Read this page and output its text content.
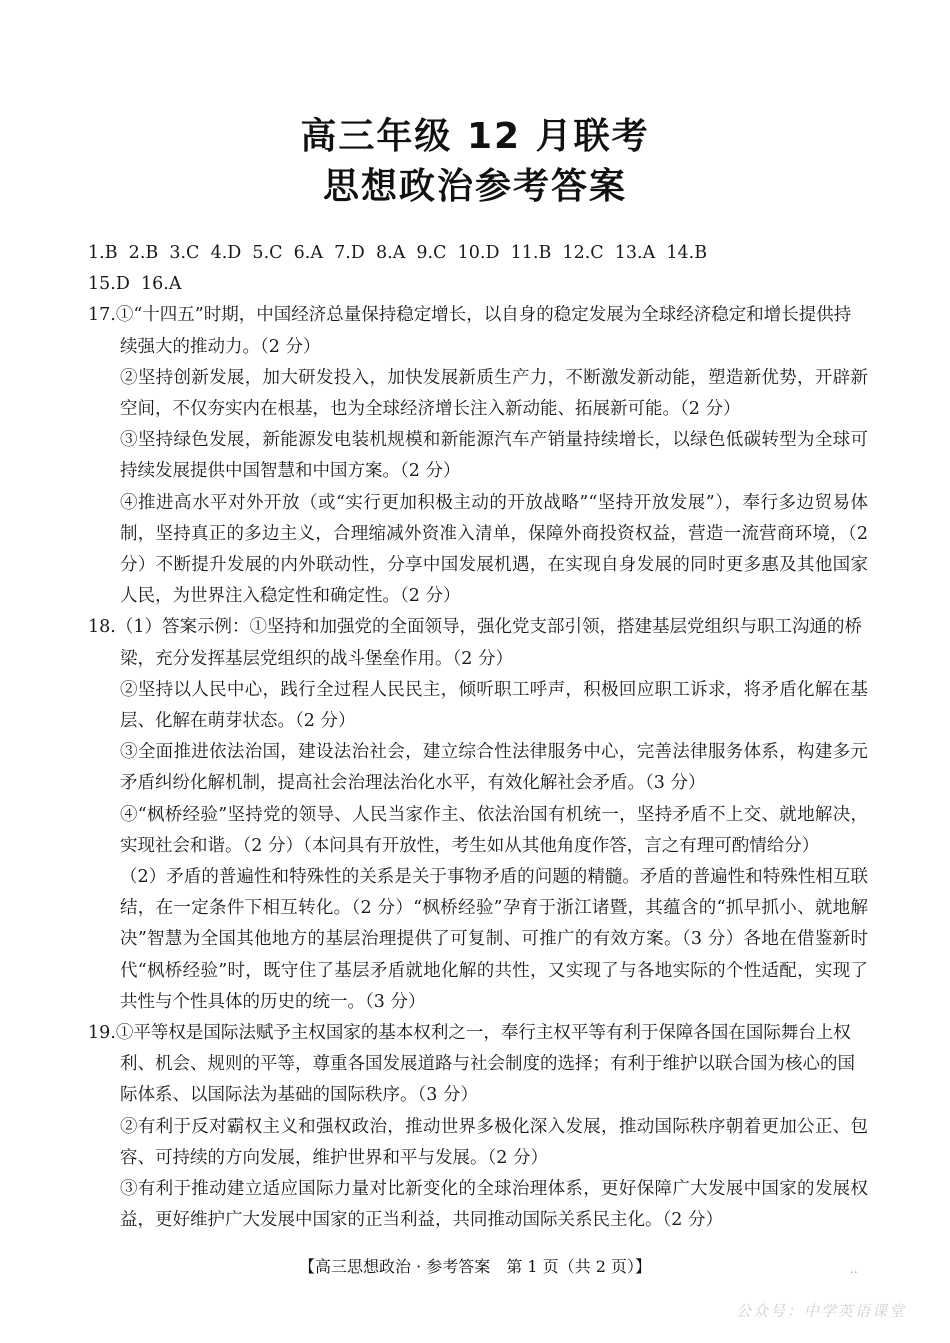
高三年级 12 月联考
思想政治参考答案
1.B  2.B  3.C  4.D  5.C  6.A  7.D  8.A  9.C  10.D  11.B  12.C  13.A  14.B
15.D  16.A

17.①“十四五”时期，中国经济总量保持稳定增长，以自身的稳定发展为全球经济稳定和增长提供持续强大的推动力。（2 分）

②坚持创新发展，加大研发投入，加快发展新质生产力，不断激发新动能，塑造新优势，开辟新空间，不仅夯实内在根基，也为全球经济增长注入新动能、拓展新可能。（2 分）

③坚持绿色发展，新能源发电装机规模和新能源汽车产销量持续增长，以绿色低碳转型为全球可持续发展提供中国智慧和中国方案。（2 分）

④推进高水平对外开放（或“实行更加积极主动的开放战略”“坚持开放发展”），奉行多边贸易体制，坚持真正的多边主义，合理缩减外资准入清单，保障外商投资权益，营造一流营商环境，（2 分）不断提升发展的内外联动性，分享中国发展机遇，在实现自身发展的同时更多惠及其他国家人民，为世界注入稳定性和确定性。（2 分）

18.（1）答案示例：①坚持和加强党的全面领导，强化党支部引领，搭建基层党组织与职工沟通的桥梁，充分发挥基层党组织的战斗堡垒作用。（2 分）

②坚持以人民中心，践行全过程人民民主，倾听职工呼声，积极回应职工诉求，将矛盾化解在基层、化解在萌芽状态。（2 分）

③全面推进依法治国，建设法治社会，建立综合性法律服务中心，完善法律服务体系，构建多元矛盾纠纷化解机制，提高社会治理法治化水平，有效化解社会矛盾。（3 分）

④“枫桥经验”坚持党的领导、人民当家作主、依法治国有机统一，坚持矛盾不上交、就地解决，实现社会和谐。（2 分）（本问具有开放性，考生如从其他角度作答，言之有理可酌情给分）

（2）矛盾的普遍性和特殊性的关系是关于事物矛盾的问题的精髓。矛盾的普遍性和特殊性相互联结，在一定条件下相互转化。（2 分）“枫桥经验”孕育于浙江诸暨，其蕴含的“抓早抓小、就地解决”智慧为全国其他地方的基层治理提供了可复制、可推广的有效方案。（3 分）各地在借鉴新时代“枫桥经验”时，既守住了基层矛盾就地化解的共性，又实现了与各地实际的个性适配，实现了共性与个性具体的历史的统一。（3 分）

19.①平等权是国际法赋予主权国家的基本权利之一，奉行主权平等有利于保障各国在国际舞台上权利、机会、规则的平等，尊重各国发展道路与社会制度的选择；有利于维护以联合国为核心的国际体系、以国际法为基础的国际秩序。（3 分）

②有利于反对霸权主义和强权政治，推动世界多极化深入发展，推动国际秩序朝着更加公正、包容、可持续的方向发展，维护世界和平与发展。（2 分）

③有利于推动建立适应国际力量对比新变化的全球治理体系，更好保障广大发展中国家的发展权益，更好维护广大发展中国家的正当利益，共同推动国际关系民主化。（2 分）

【高三思想政治 · 参考答案　第 1 页（共 2 页）】	..
公众号：中学英语课堂
